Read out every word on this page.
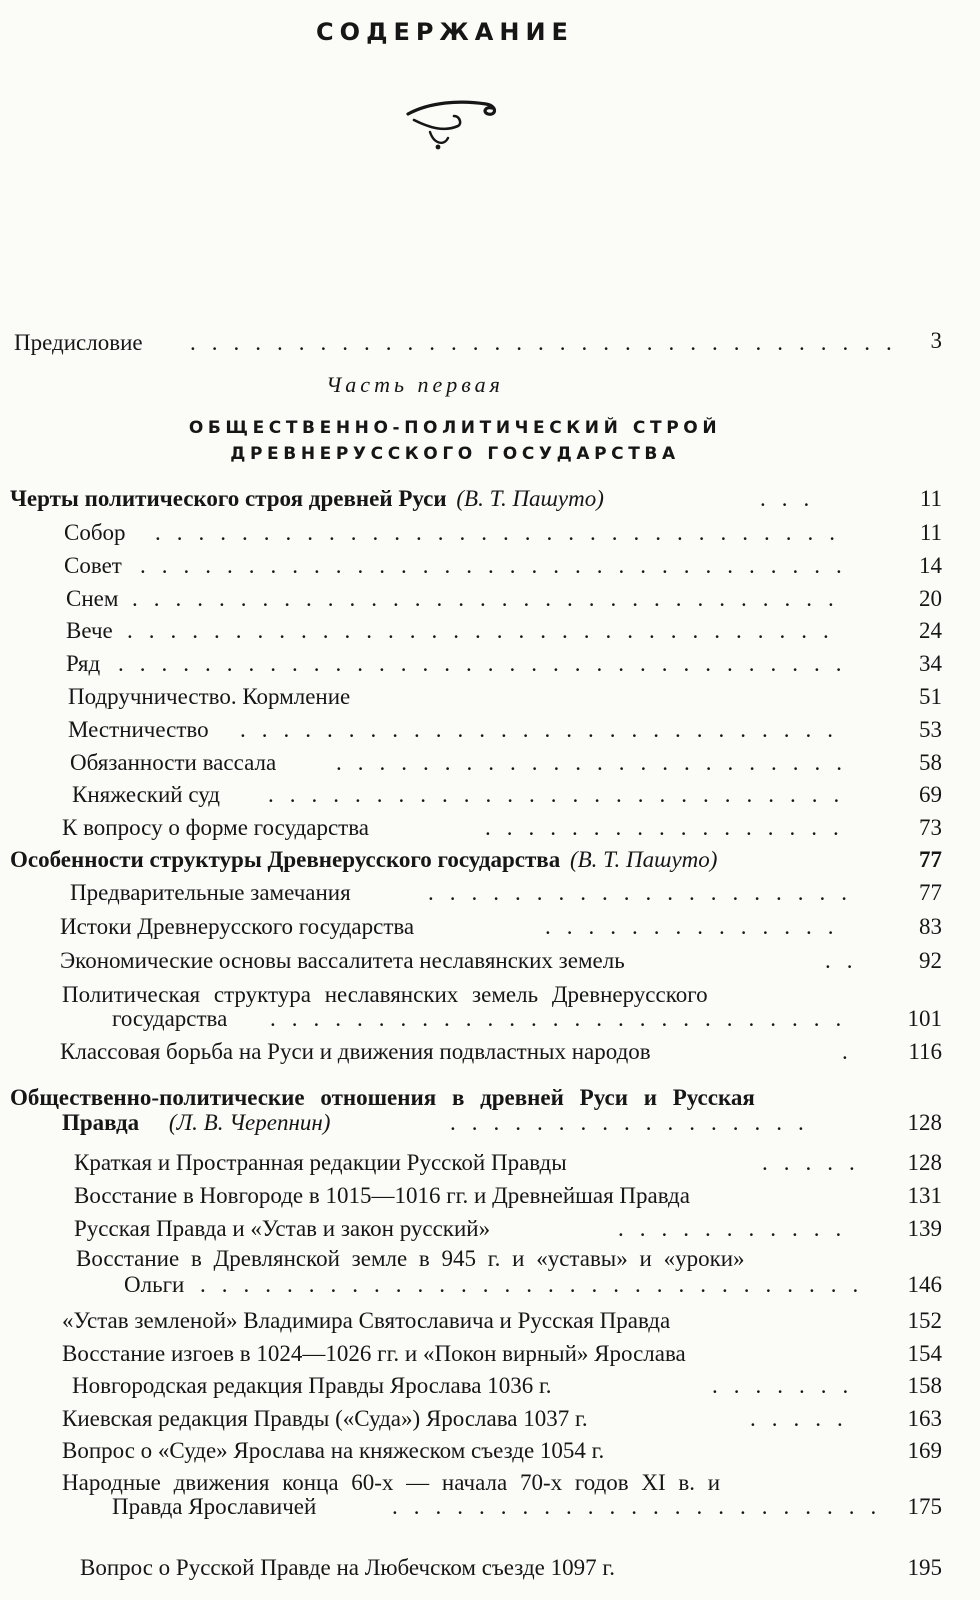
СОДЕРЖАНИЕ
Предисловие ................................. 3
Часть первая
ОБЩЕСТВЕННО-ПОЛИТИЧЕСКИЙ СТРОЙ
ДРЕВНЕРУССКОГО ГОСУДАРСТВА
Черты политического строя древней Руси (В. Т. Пашуто)	...	11
Собор ................................	11
Совет .................................	14
Снем .................................	20
Вече .................................	24
Ряд ..................................	34
Подручничество. Кормление	51
Местничество ............................	53
Обязанности вассала	........................	58
Княжеский суд ...........................	69
К вопросу о форме государства	.................	73
Особенности структуры Древнерусского государства (В. Т. Пашуто)	77
Предварительные замечания	....................	77
Истоки Древнерусского государства	..............	83
Экономические основы вассалитета неславянских земель	..	92
Политическая структура неславянских земель Древнерусского
государства ...........................	101
Классовая борьба на Руси и движения подвластных народов	.	116
Общественно-политические отношения в древней Руси и Русская
Правда (Л. В. Черепнин)	.................	128
Краткая и Пространная редакции Русской Правды	.....	128
Восстание в Новгороде в 1015—1016 гг. и Древнейшая Правда	131
Русская Правда и «Устав и закон русский»	...........	139
Восстание в Древлянской земле в 945 г. и «уставы» и «уроки»
Ольги ...............................	146
«Устав земленой» Владимира Святославича и Русская Правда	152
Восстание изгоев в 1024—1026 гг. и «Покон вирный» Ярослава	154
Новгородская редакция Правды Ярослава 1036 г.	.......	158
Киевская редакция Правды («Суда») Ярослава 1037 г.	.....	163
Вопрос о «Суде» Ярослава на княжеском съезде 1054 г.	169
Народные движения конца 60-х — начала 70-х годов XI в. и
Правда Ярославичей	....................... 175
Вопрос о Русской Правде на Любечском съезде 1097 г.	195
